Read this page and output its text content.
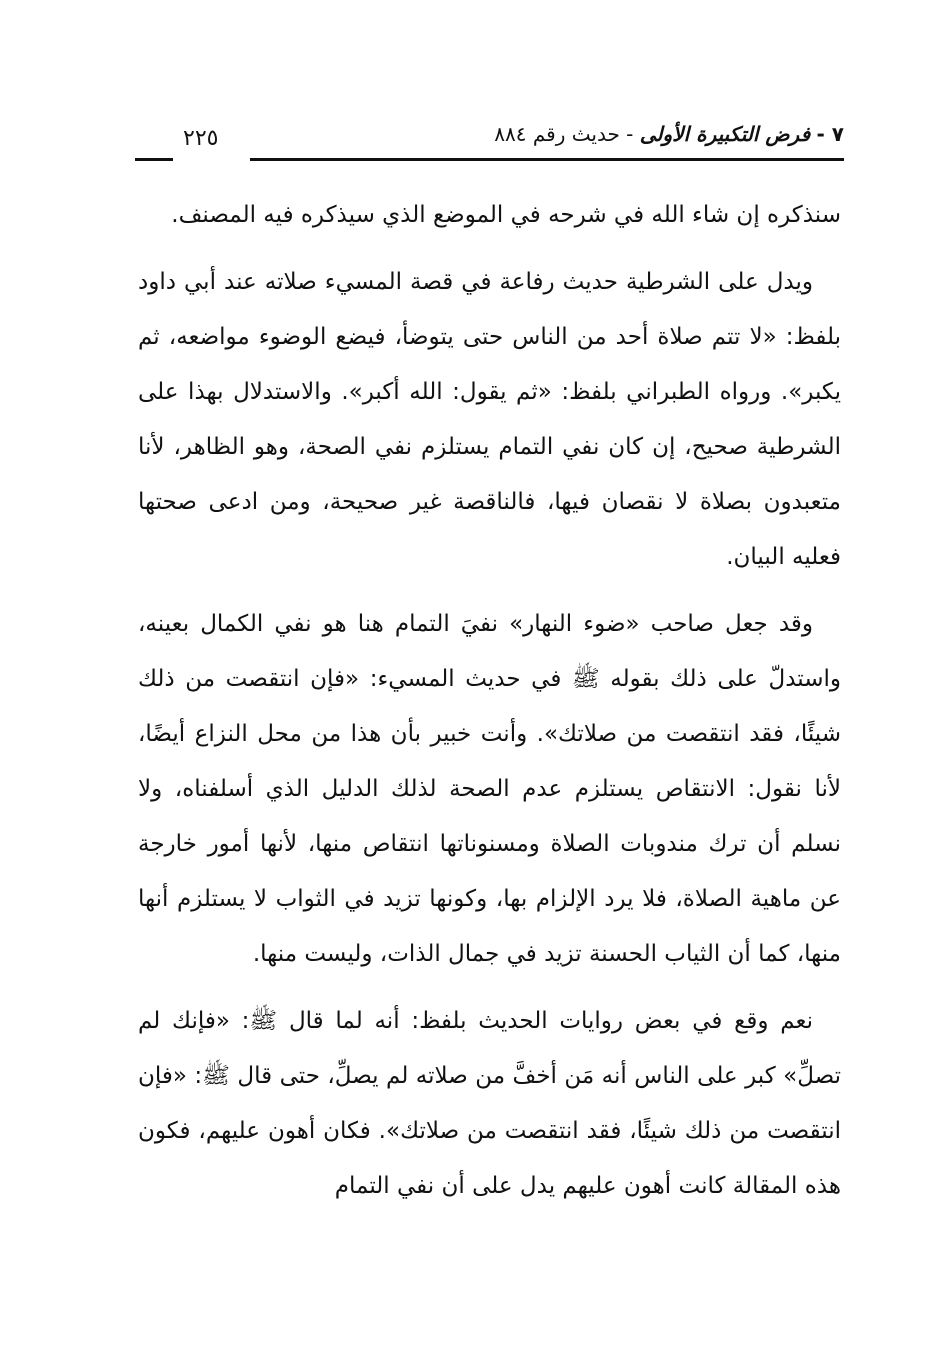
٧ - فرض التكبيرة الأولى - حديث رقم ٨٨٤
٢٢٥

سنذكره إن شاء الله في شرحه في الموضع الذي سيذكره فيه المصنف.

ويدل على الشرطية حديث رفاعة في قصة المسيء صلاته عند أبي داود بلفظ: «لا تتم صلاة أحد من الناس حتى يتوضأ، فيضع الوضوء مواضعه، ثم يكبر». ورواه الطبراني بلفظ: «ثم يقول: الله أكبر». والاستدلال بهذا على الشرطية صحيح، إن كان نفي التمام يستلزم نفي الصحة، وهو الظاهر، لأنا متعبدون بصلاة لا نقصان فيها، فالناقصة غير صحيحة، ومن ادعى صحتها فعليه البيان.

وقد جعل صاحب «ضوء النهار» نفيَ التمام هنا هو نفي الكمال بعينه، واستدلّ على ذلك بقوله ﷺ في حديث المسيء: «فإن انتقصت من ذلك شيئًا، فقد انتقصت من صلاتك». وأنت خبير بأن هذا من محل النزاع أيضًا، لأنا نقول: الانتقاص يستلزم عدم الصحة لذلك الدليل الذي أسلفناه، ولا نسلم أن ترك مندوبات الصلاة ومسنوناتها انتقاص منها، لأنها أمور خارجة عن ماهية الصلاة، فلا يرد الإلزام بها، وكونها تزيد في الثواب لا يستلزم أنها منها، كما أن الثياب الحسنة تزيد في جمال الذات، وليست منها.

نعم وقع في بعض روايات الحديث بلفظ: أنه لما قال ﷺ: «فإنك لم تصلِّ» كبر على الناس أنه مَن أخفَّ من صلاته لم يصلِّ، حتى قال ﷺ: «فإن انتقصت من ذلك شيئًا، فقد انتقصت من صلاتك». فكان أهون عليهم، فكون هذه المقالة كانت أهون عليهم يدل على أن نفي التمام
